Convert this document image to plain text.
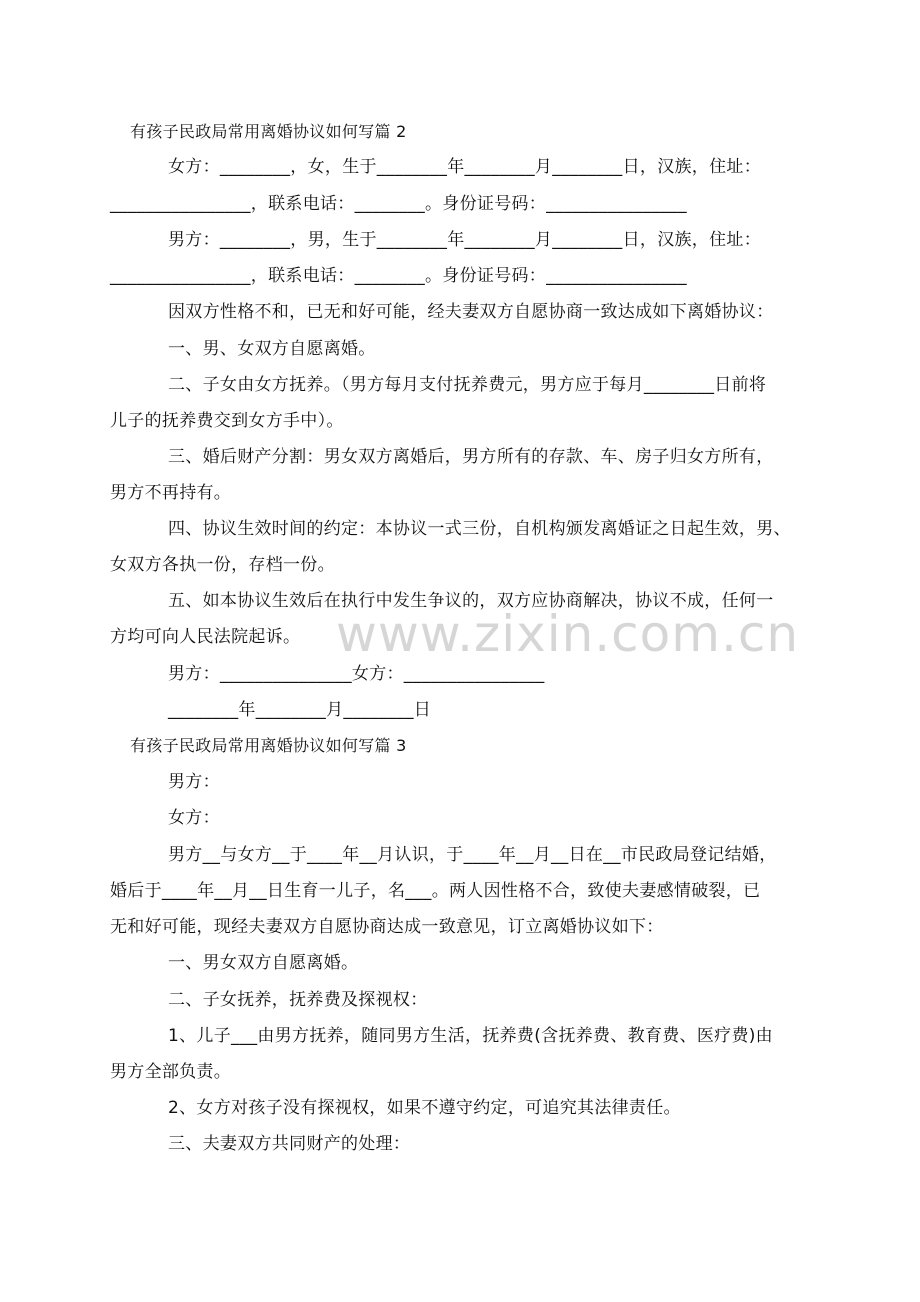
www.zixin.com.cn

有孩子民政局常用离婚协议如何写篇 2

女方：________，女，生于________年________月________日，汉族，住址：

________________，联系电话：________。身份证号码：________________

男方：________，男，生于________年________月________日，汉族，住址：

________________，联系电话：________。身份证号码：________________

因双方性格不和，已无和好可能，经夫妻双方自愿协商一致达成如下离婚协议：

一、男、女双方自愿离婚。

二、子女由女方抚养。（男方每月支付抚养费元，男方应于每月________日前将

儿子的抚养费交到女方手中）。

三、婚后财产分割：男女双方离婚后，男方所有的存款、车、房子归女方所有，

男方不再持有。

四、协议生效时间的约定：本协议一式三份，自机构颁发离婚证之日起生效，男、

女双方各执一份，存档一份。

五、如本协议生效后在执行中发生争议的，双方应协商解决，协议不成，任何一

方均可向人民法院起诉。

男方：_______________女方：________________

________年________月________日

有孩子民政局常用离婚协议如何写篇 3

男方：

女方：

男方__与女方__于____年__月认识，于____年__月__日在__市民政局登记结婚，

婚后于____年__月__日生育一儿子，名___。两人因性格不合，致使夫妻感情破裂，已

无和好可能，现经夫妻双方自愿协商达成一致意见，订立离婚协议如下：

一、男女双方自愿离婚。

二、子女抚养，抚养费及探视权：

1、儿子___由男方抚养，随同男方生活，抚养费(含抚养费、教育费、医疗费)由

男方全部负责。

2、女方对孩子没有探视权，如果不遵守约定，可追究其法律责任。

三、夫妻双方共同财产的处理：
